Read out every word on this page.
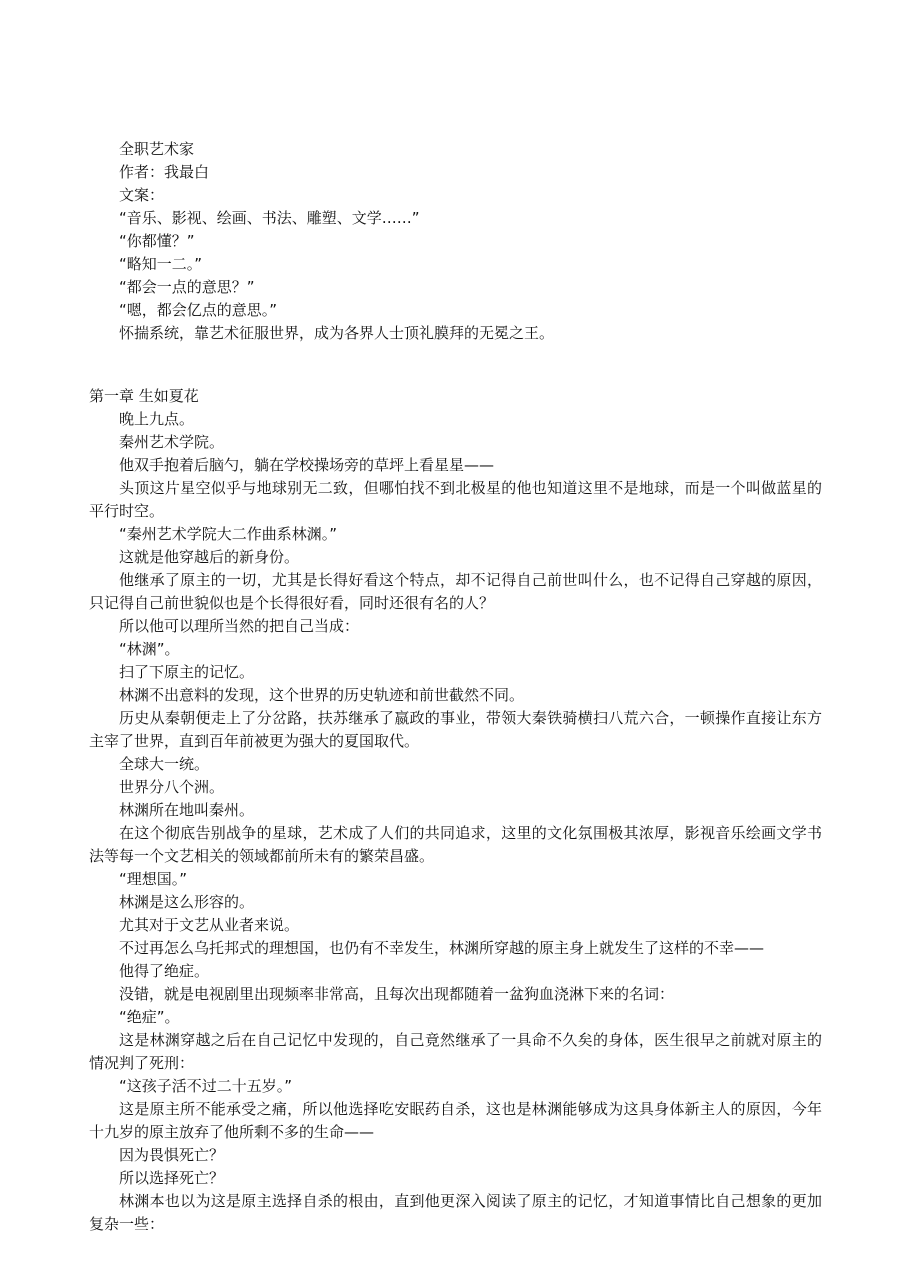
全职艺术家

作者：我最白

文案：

“音乐、影视、绘画、书法、雕塑、文学……”

“你都懂？”

“略知一二。”

“都会一点的意思？”

“嗯，都会亿点的意思。”

怀揣系统，靠艺术征服世界，成为各界人士顶礼膜拜的无冕之王。

第一章 生如夏花

晚上九点。

秦州艺术学院。

他双手抱着后脑勺，躺在学校操场旁的草坪上看星星——

头顶这片星空似乎与地球别无二致，但哪怕找不到北极星的他也知道这里不是地球，而是一个叫做蓝星的平行时空。

“秦州艺术学院大二作曲系林渊。”

这就是他穿越后的新身份。

他继承了原主的一切，尤其是长得好看这个特点，却不记得自己前世叫什么，也不记得自己穿越的原因，只记得自己前世貌似也是个长得很好看，同时还很有名的人？

所以他可以理所当然的把自己当成：

“林渊”。

扫了下原主的记忆。

林渊不出意料的发现，这个世界的历史轨迹和前世截然不同。

历史从秦朝便走上了分岔路，扶苏继承了嬴政的事业，带领大秦铁骑横扫八荒六合，一顿操作直接让东方主宰了世界，直到百年前被更为强大的夏国取代。

全球大一统。

世界分八个洲。

林渊所在地叫秦州。

在这个彻底告别战争的星球，艺术成了人们的共同追求，这里的文化氛围极其浓厚，影视音乐绘画文学书法等每一个文艺相关的领域都前所未有的繁荣昌盛。

“理想国。”

林渊是这么形容的。

尤其对于文艺从业者来说。

不过再怎么乌托邦式的理想国，也仍有不幸发生，林渊所穿越的原主身上就发生了这样的不幸——

他得了绝症。

没错，就是电视剧里出现频率非常高，且每次出现都随着一盆狗血浇淋下来的名词：

“绝症”。

这是林渊穿越之后在自己记忆中发现的，自己竟然继承了一具命不久矣的身体，医生很早之前就对原主的情况判了死刑：

“这孩子活不过二十五岁。”

这是原主所不能承受之痛，所以他选择吃安眠药自杀，这也是林渊能够成为这具身体新主人的原因，今年十九岁的原主放弃了他所剩不多的生命——

因为畏惧死亡？

所以选择死亡？

林渊本也以为这是原主选择自杀的根由，直到他更深入阅读了原主的记忆，才知道事情比自己想象的更加复杂一些：
